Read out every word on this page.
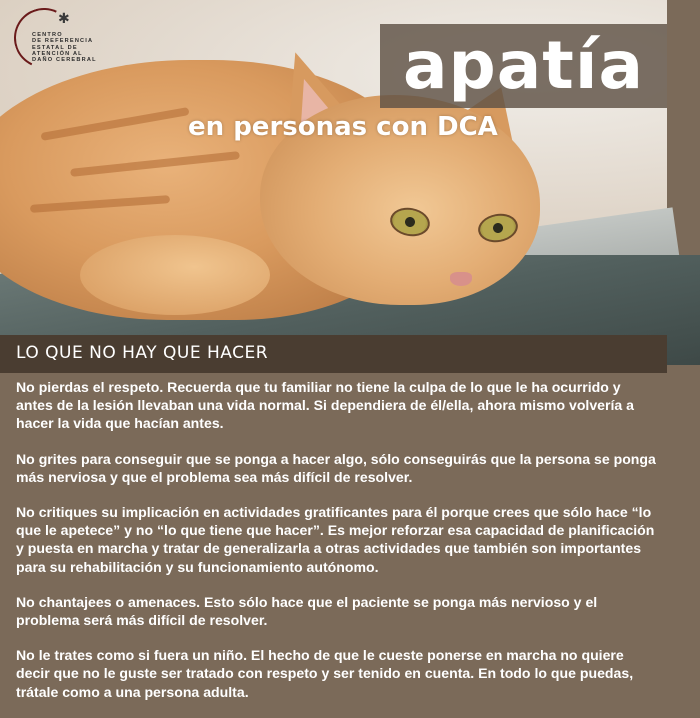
✱
CENTRO
DE REFERENCIA
ESTATAL DE
ATENCIÓN AL
DAÑO CEREBRAL	apatía
en personas con DCA
LO QUE NO HAY QUE HACER

No pierdas el respeto. Recuerda que tu familiar no tiene la culpa de lo que le ha ocurrido y antes de la lesión llevaban una vida normal. Si dependiera de él/ella, ahora mismo volvería a hacer la vida que hacían antes.

No grites para conseguir que se ponga a hacer algo, sólo conseguirás que la persona se ponga más nerviosa y que el problema sea más difícil de resolver.

No critiques su implicación en actividades gratificantes para él porque crees que sólo hace “lo que le apetece” y no “lo que tiene que hacer”. Es mejor reforzar esa capacidad de planificación y puesta en marcha y tratar de generalizarla a otras actividades que también son importantes para su rehabilitación y su funcionamiento autónomo.

No chantajees o amenaces. Esto sólo hace que el paciente se ponga más nervioso y el problema será más difícil de resolver.

No le trates como si fuera un niño. El hecho de que le cueste ponerse en marcha no quiere decir que no le guste ser tratado con respeto y ser tenido en cuenta. En todo lo que puedas, trátale como a una persona adulta.
